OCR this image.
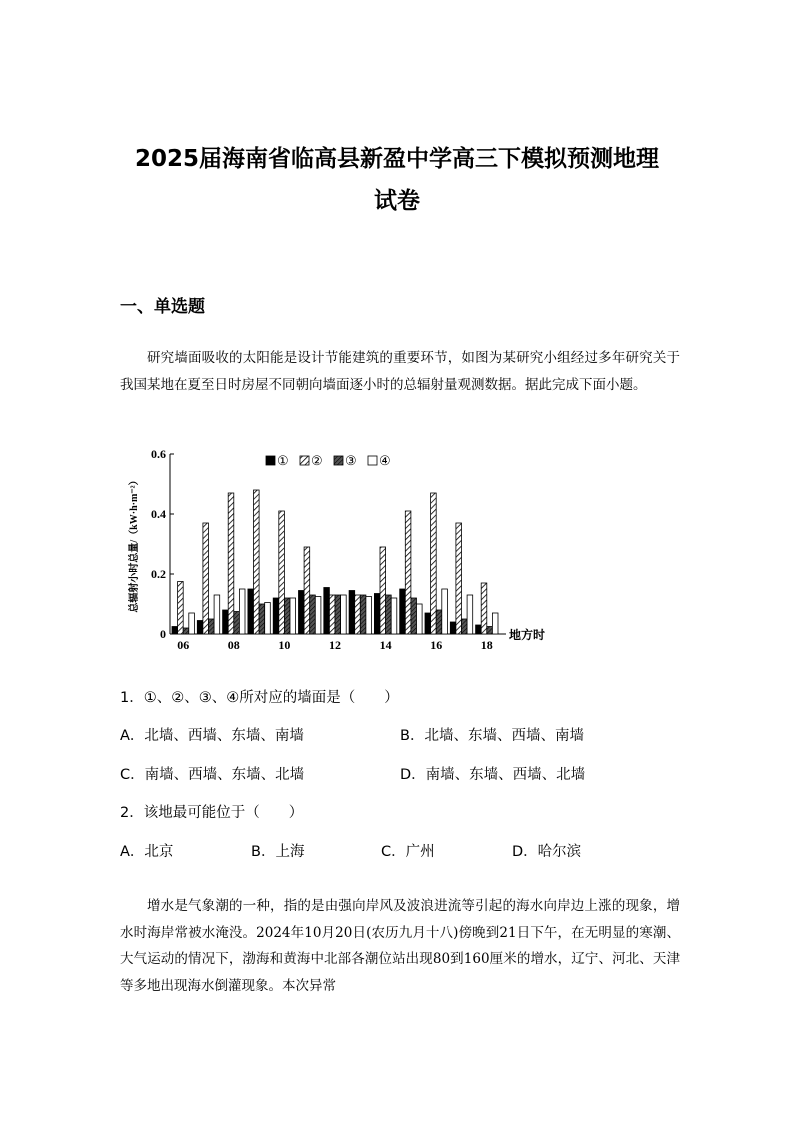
2025届海南省临高县新盈中学高三下模拟预测地理
试卷
一、单选题
研究墙面吸收的太阳能是设计节能建筑的重要环节，如图为某研究小组经过多年研究关于我国某地在夏至日时房屋不同朝向墙面逐小时的总辐射量观测数据。据此完成下面小题。
0
0.2
0.4
0.6
总辐射小时总量/（kW·h·m⁻²）
06	08	10	12	14	16	18
地方时
① ② ③ ④
1．①、②、③、④所对应的墙面是（　　）
A．北墙、西墙、东墙、南墙	B．北墙、东墙、西墙、南墙
C．南墙、西墙、东墙、北墙	D．南墙、东墙、西墙、北墙
2．该地最可能位于（　　）
A．北京	B．上海	C．广州	D．哈尔滨
增水是气象潮的一种，指的是由强向岸风及波浪进流等引起的海水向岸边上涨的现象，增水时海岸常被水淹没。2024年10月20日(农历九月十八)傍晚到21日下午，在无明显的寒潮、大气运动的情况下，渤海和黄海中北部各潮位站出现80到160厘米的增水，辽宁、河北、天津等多地出现海水倒灌现象。本次异常
